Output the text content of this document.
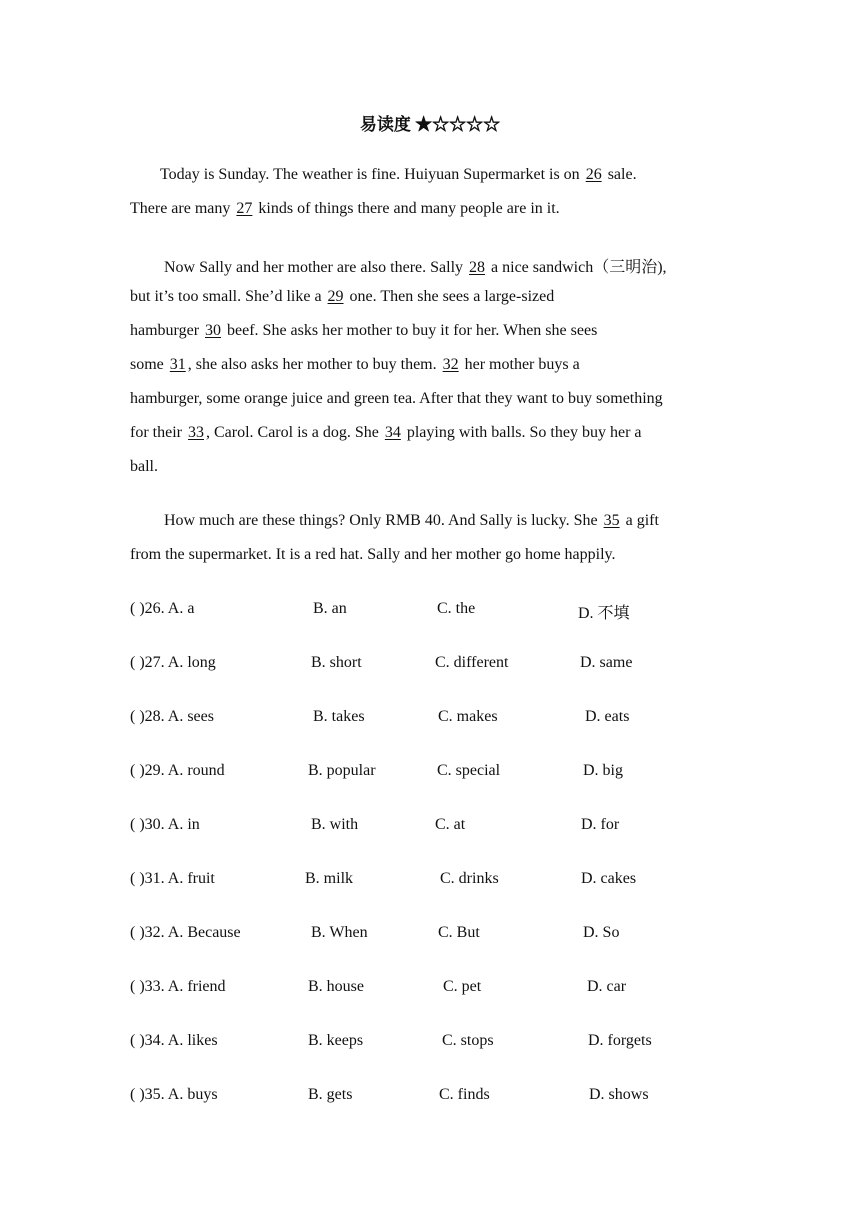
易读度 ★☆☆☆☆
Today is Sunday. The weather is fine. Huiyuan Supermarket is on 26 sale.
There are many 27 kinds of things there and many people are in it.
Now Sally and her mother are also there. Sally 28 a nice sandwich（三明治),
but it’s too small. She’d like a 29 one. Then she sees a large-sized
hamburger 30 beef. She asks her mother to buy it for her. When she sees
some 31, she also asks her mother to buy them. 32 her mother buys a
hamburger, some orange juice and green tea. After that they want to buy something
for their 33, Carol. Carol is a dog. She 34 playing with balls. So they buy her a
ball.
How much are these things? Only RMB 40. And Sally is lucky. She 35 a gift
from the supermarket. It is a red hat. Sally and her mother go home happily.
( )26. A. a	B. an	C. the	D. 不填
( )27. A. long	B. short	C. different	D. same
( )28. A. sees	B. takes	C. makes	D. eats
( )29. A. round	B. popular	C. special	D. big
( )30. A. in	B. with	C. at	D. for
( )31. A. fruit	B. milk	C. drinks	D. cakes
( )32. A. Because	B. When	C. But	D. So
( )33. A. friend	B. house	C. pet	D. car
( )34. A. likes	B. keeps	C. stops	D. forgets
( )35. A. buys	B. gets	C. finds	D. shows
